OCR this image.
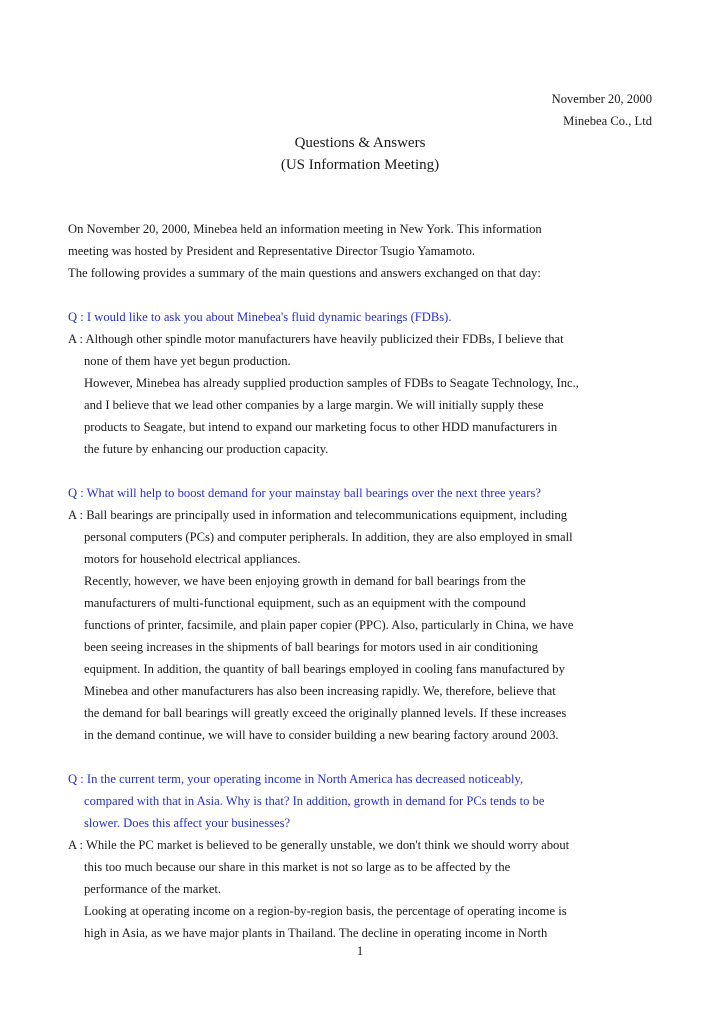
November 20, 2000
Minebea Co., Ltd
Questions & Answers
(US Information Meeting)
On November 20, 2000, Minebea held an information meeting in New York. This information
meeting was hosted by President and Representative Director Tsugio Yamamoto.
The following provides a summary of the main questions and answers exchanged on that day:
Q : I would like to ask you about Minebea's fluid dynamic bearings (FDBs).
A : Although other spindle motor manufacturers have heavily publicized their FDBs, I believe that
none of them have yet begun production.
However, Minebea has already supplied production samples of FDBs to Seagate Technology, Inc.,
and I believe that we lead other companies by a large margin. We will initially supply these
products to Seagate, but intend to expand our marketing focus to other HDD manufacturers in
the future by enhancing our production capacity.
Q : What will help to boost demand for your mainstay ball bearings over the next three years?
A : Ball bearings are principally used in information and telecommunications equipment, including
personal computers (PCs) and computer peripherals. In addition, they are also employed in small
motors for household electrical appliances.
Recently, however, we have been enjoying growth in demand for ball bearings from the
manufacturers of multi-functional equipment, such as an equipment with the compound
functions of printer, facsimile, and plain paper copier (PPC). Also, particularly in China, we have
been seeing increases in the shipments of ball bearings for motors used in air conditioning
equipment. In addition, the quantity of ball bearings employed in cooling fans manufactured by
Minebea and other manufacturers has also been increasing rapidly. We, therefore, believe that
the demand for ball bearings will greatly exceed the originally planned levels. If these increases
in the demand continue, we will have to consider building a new bearing factory around 2003.
Q : In the current term, your operating income in North America has decreased noticeably,
compared with that in Asia. Why is that? In addition, growth in demand for PCs tends to be
slower. Does this affect your businesses?
A : While the PC market is believed to be generally unstable, we don't think we should worry about
this too much because our share in this market is not so large as to be affected by the
performance of the market.
Looking at operating income on a region-by-region basis, the percentage of operating income is
high in Asia, as we have major plants in Thailand. The decline in operating income in North
1
